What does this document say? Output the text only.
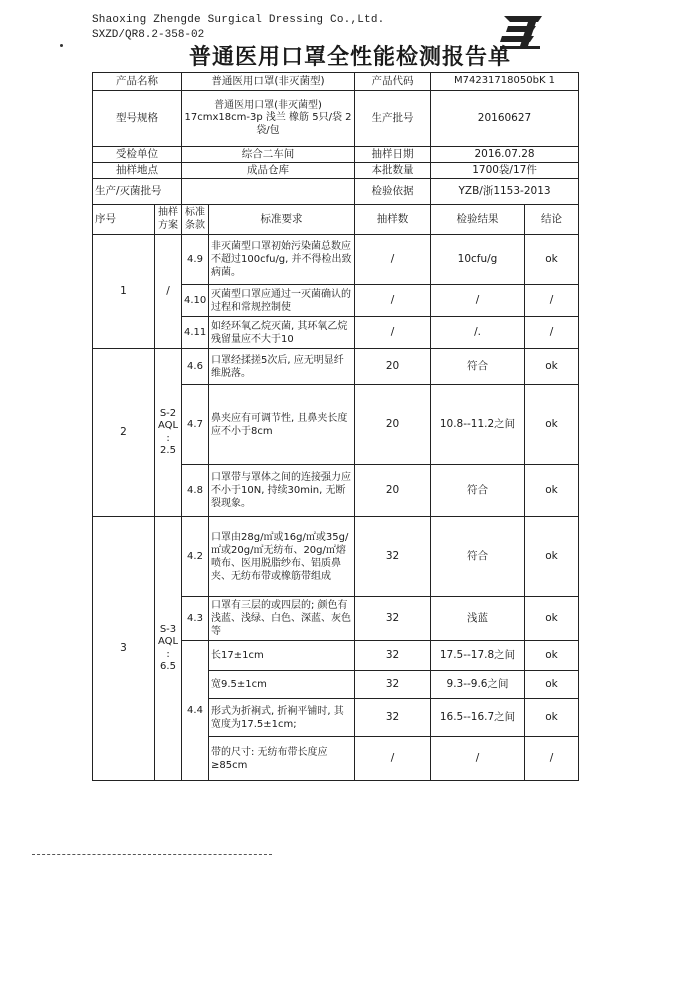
Shaoxing Zhengde Surgical Dressing Co.,Ltd.
SXZD/QR8.2-358-02
普通医用口罩全性能检测报告单
产品名称		普通医用口罩(非灭菌型)		产品代码	M74231718050bK 1	
型号规格		普通医用口罩(非灭菌型) 17cmx18cm-3p 浅兰 橡筋 5只/袋 2袋/包		生产批号	20160627	
受检单位		综合二车间		抽样日期	2016.07.28	
抽样地点		成品仓库		本批数量	1700袋/17件	
生产/灭菌批号				检验依据	YZB/浙1153-2013	
序号	抽样方案	标准条款	标准要求	抽样数	检验结果	结论
1	/	4.9	非灭菌型口罩初始污染菌总数应不超过100cfu/g, 并不得检出致病菌。	/	10cfu/g	ok
		4.10	灭菌型口罩应通过一灭菌确认的过程和常规控制使	/	/	/
		4.11	如经环氧乙烷灭菌, 其环氧乙烷残留量应不大于10	/	/.	/
2	S-2 AQL : 2.5	4.6	口罩经揉搓5次后, 应无明显纤维脱落。	20	符合	ok
		4.7	鼻夹应有可调节性, 且鼻夹长度应不小于8cm	20	10.8--11.2之间	ok
		4.8	口罩带与罩体之间的连接强力应不小于10N, 持续30min, 无断裂现象。	20	符合	ok
3	S-3 AQL : 6.5	4.2	口罩由28g/㎡或16g/㎡或35g/㎡或20g/㎡无纺布、20g/㎡熔喷布、医用脱脂纱布、铝质鼻夹、无纺布带或橡筋带组成	32	符合	ok
		4.3	口罩有三层的或四层的; 颜色有浅蓝、浅绿、白色、深蓝、灰色等	32	浅蓝	ok
		4.4	长17±1cm	32	17.5--17.8之间	ok
			宽9.5±1cm	32	9.3--9.6之间	ok
			形式为折裥式, 折裥平铺时, 其宽度为17.5±1cm;	32	16.5--16.7之间	ok
			带的尺寸: 无纺布带长度应≥85cm	/	/	/
